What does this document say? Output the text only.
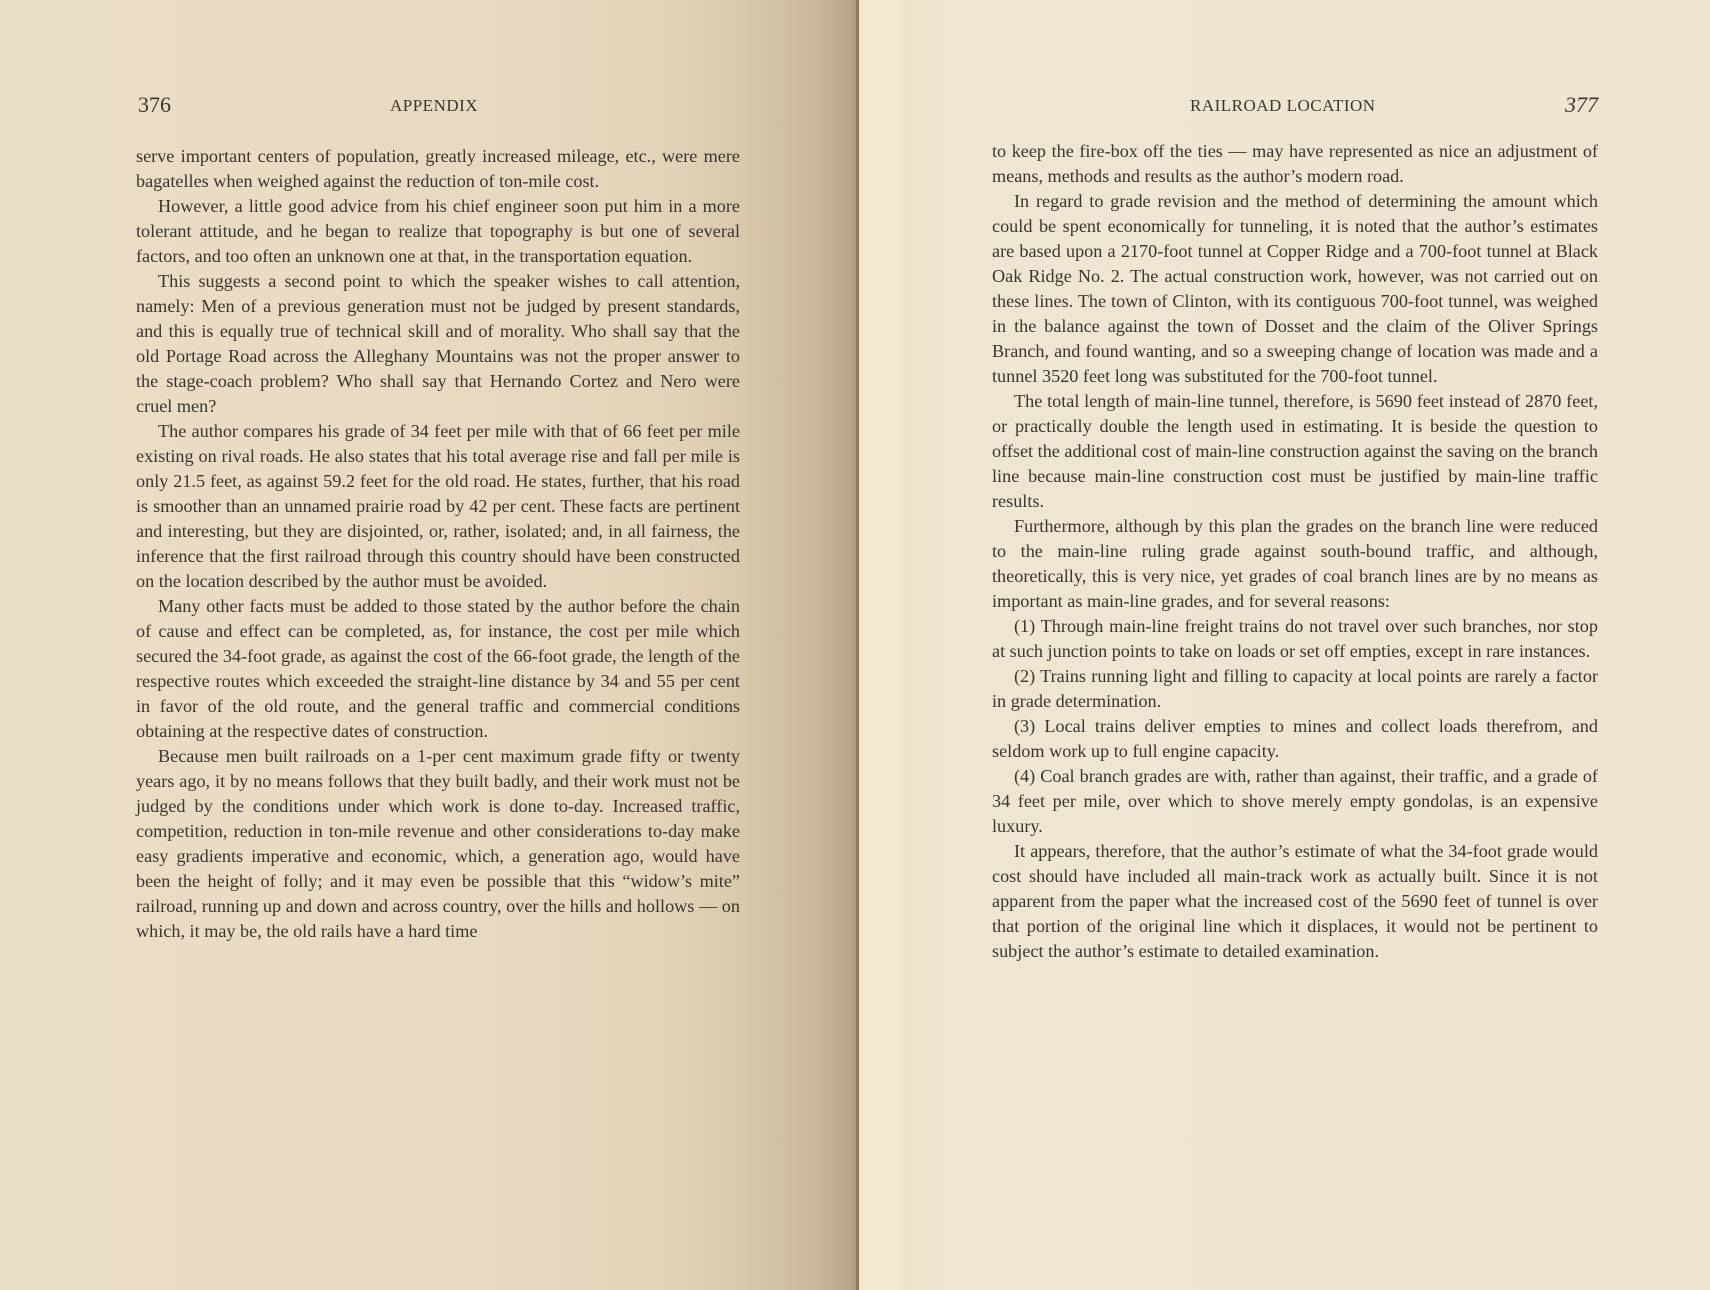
376	APPENDIX

serve important centers of population, greatly increased mileage, etc., were mere bagatelles when weighed against the reduction of ton-mile cost.

However, a little good advice from his chief engineer soon put him in a more tolerant attitude, and he began to realize that topography is but one of several factors, and too often an unknown one at that, in the transportation equation.

This suggests a second point to which the speaker wishes to call attention, namely: Men of a previous generation must not be judged by present standards, and this is equally true of technical skill and of morality. Who shall say that the old Portage Road across the Alleghany Mountains was not the proper answer to the stage-coach problem? Who shall say that Hernando Cortez and Nero were cruel men?

The author compares his grade of 34 feet per mile with that of 66 feet per mile existing on rival roads. He also states that his total average rise and fall per mile is only 21.5 feet, as against 59.2 feet for the old road. He states, further, that his road is smoother than an unnamed prairie road by 42 per cent. These facts are pertinent and interesting, but they are disjointed, or, rather, isolated; and, in all fairness, the inference that the first railroad through this country should have been constructed on the location described by the author must be avoided.

Many other facts must be added to those stated by the author before the chain of cause and effect can be completed, as, for instance, the cost per mile which secured the 34-foot grade, as against the cost of the 66-foot grade, the length of the respective routes which exceeded the straight-line distance by 34 and 55 per cent in favor of the old route, and the general traffic and commercial conditions obtaining at the respective dates of construction.

Because men built railroads on a 1-per cent maximum grade fifty or twenty years ago, it by no means follows that they built badly, and their work must not be judged by the conditions under which work is done to-day. Increased traffic, competition, reduction in ton-mile revenue and other considerations to-day make easy gradients imperative and economic, which, a generation ago, would have been the height of folly; and it may even be possible that this “widow’s mite” railroad, running up and down and across country, over the hills and hollows — on which, it may be, the old rails have a hard time

RAILROAD LOCATION	377

to keep the fire-box off the ties — may have represented as nice an adjustment of means, methods and results as the author’s modern road.

In regard to grade revision and the method of determining the amount which could be spent economically for tunneling, it is noted that the author’s estimates are based upon a 2170-foot tunnel at Copper Ridge and a 700-foot tunnel at Black Oak Ridge No. 2. The actual construction work, however, was not carried out on these lines. The town of Clinton, with its contiguous 700-foot tunnel, was weighed in the balance against the town of Dosset and the claim of the Oliver Springs Branch, and found wanting, and so a sweeping change of location was made and a tunnel 3520 feet long was substituted for the 700-foot tunnel.

The total length of main-line tunnel, therefore, is 5690 feet instead of 2870 feet, or practically double the length used in estimating. It is beside the question to offset the additional cost of main-line construction against the saving on the branch line because main-line construction cost must be justified by main-line traffic results.

Furthermore, although by this plan the grades on the branch line were reduced to the main-line ruling grade against south-bound traffic, and although, theoretically, this is very nice, yet grades of coal branch lines are by no means as important as main-line grades, and for several reasons:

(1) Through main-line freight trains do not travel over such branches, nor stop at such junction points to take on loads or set off empties, except in rare instances.

(2) Trains running light and filling to capacity at local points are rarely a factor in grade determination.

(3) Local trains deliver empties to mines and collect loads therefrom, and seldom work up to full engine capacity.

(4) Coal branch grades are with, rather than against, their traffic, and a grade of 34 feet per mile, over which to shove merely empty gondolas, is an expensive luxury.

It appears, therefore, that the author’s estimate of what the 34-foot grade would cost should have included all main-track work as actually built. Since it is not apparent from the paper what the increased cost of the 5690 feet of tunnel is over that portion of the original line which it displaces, it would not be pertinent to subject the author’s estimate to detailed examination.
